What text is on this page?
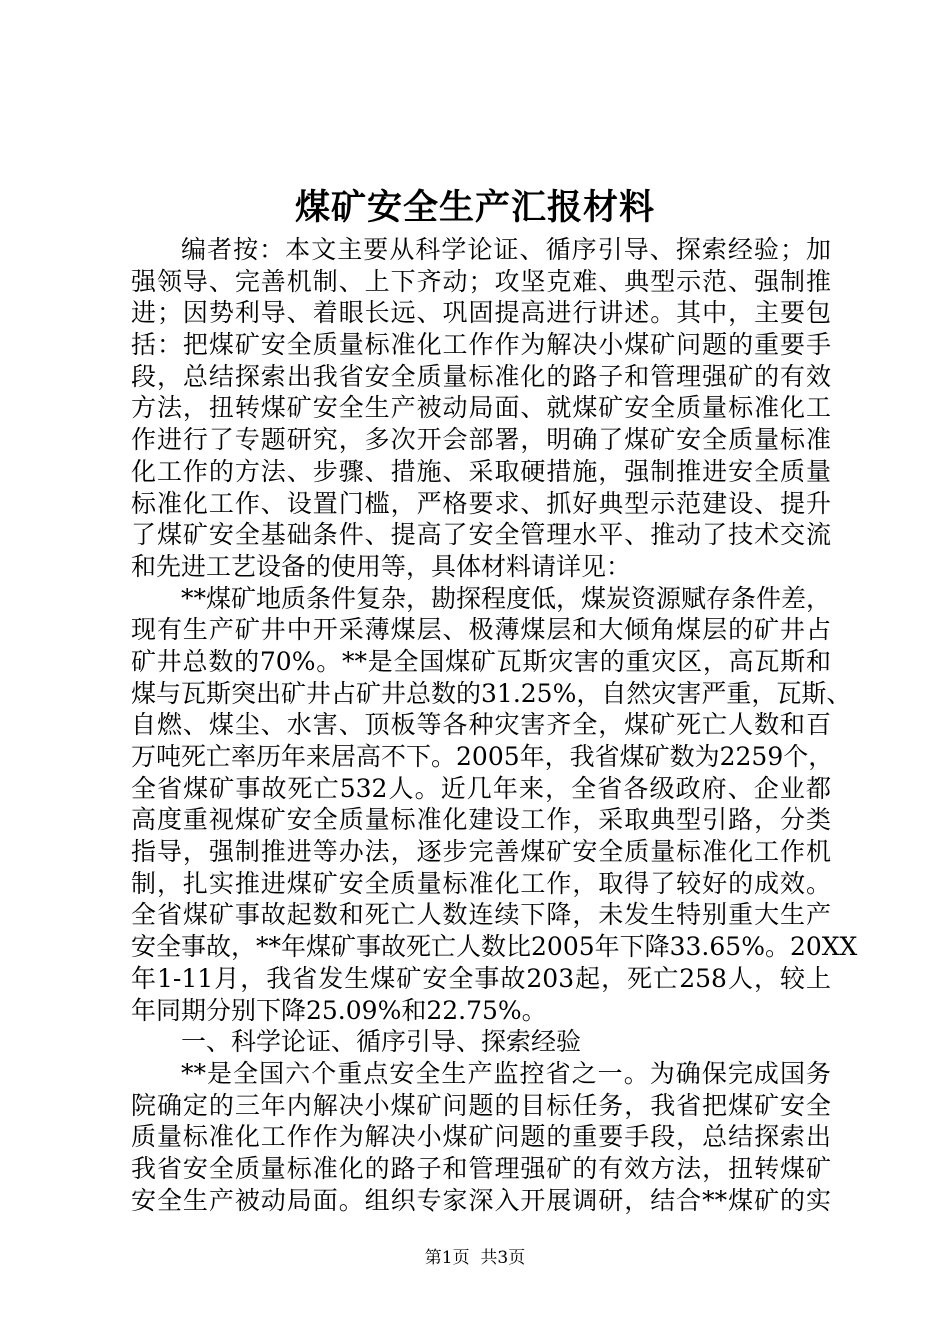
煤矿安全生产汇报材料
编者按：本文主要从科学论证、循序引导、探索经验；加
强领导、完善机制、上下齐动；攻坚克难、典型示范、强制推
进；因势利导、着眼长远、巩固提高进行讲述。其中，主要包
括：把煤矿安全质量标准化工作作为解决小煤矿问题的重要手
段，总结探索出我省安全质量标准化的路子和管理强矿的有效
方法，扭转煤矿安全生产被动局面、就煤矿安全质量标准化工
作进行了专题研究，多次开会部署，明确了煤矿安全质量标准
化工作的方法、步骤、措施、采取硬措施，强制推进安全质量
标准化工作、设置门槛，严格要求、抓好典型示范建设、提升
了煤矿安全基础条件、提高了安全管理水平、推动了技术交流
和先进工艺设备的使用等，具体材料请详见：
**煤矿地质条件复杂，勘探程度低，煤炭资源赋存条件差，
现有生产矿井中开采薄煤层、极薄煤层和大倾角煤层的矿井占
矿井总数的70%。**是全国煤矿瓦斯灾害的重灾区，高瓦斯和
煤与瓦斯突出矿井占矿井总数的31.25%，自然灾害严重，瓦斯、
自燃、煤尘、水害、顶板等各种灾害齐全，煤矿死亡人数和百
万吨死亡率历年来居高不下。2005年，我省煤矿数为2259个，
全省煤矿事故死亡532人。近几年来，全省各级政府、企业都
高度重视煤矿安全质量标准化建设工作，采取典型引路，分类
指导，强制推进等办法，逐步完善煤矿安全质量标准化工作机
制，扎实推进煤矿安全质量标准化工作，取得了较好的成效。
全省煤矿事故起数和死亡人数连续下降，未发生特别重大生产
安全事故，**年煤矿事故死亡人数比2005年下降33.65%。20XX
年1-11月，我省发生煤矿安全事故203起，死亡258人，较上
年同期分别下降25.09%和22.75%。
一、科学论证、循序引导、探索经验
**是全国六个重点安全生产监控省之一。为确保完成国务
院确定的三年内解决小煤矿问题的目标任务，我省把煤矿安全
质量标准化工作作为解决小煤矿问题的重要手段，总结探索出
我省安全质量标准化的路子和管理强矿的有效方法，扭转煤矿
安全生产被动局面。组织专家深入开展调研，结合**煤矿的实
第1页 共3页
